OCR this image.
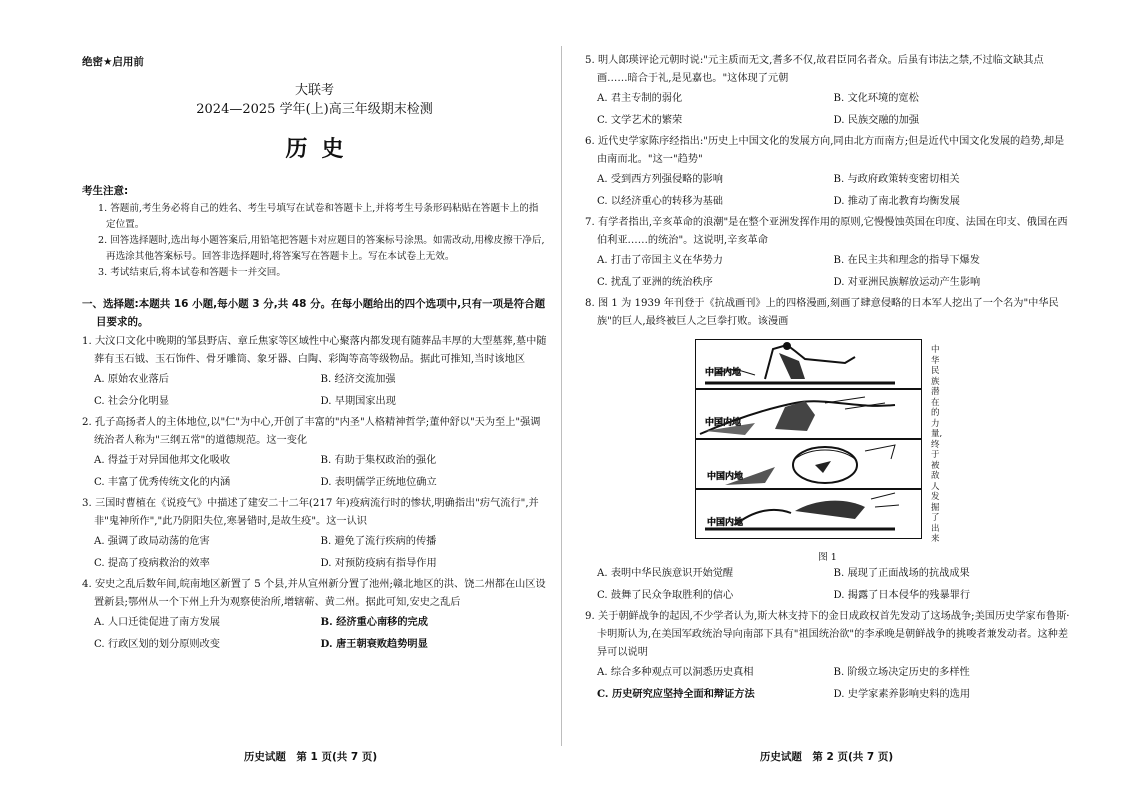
绝密★启用前
大联考
2024—2025 学年(上)高三年级期末检测
历史
考生注意:
1. 答题前,考生务必将自己的姓名、考生号填写在试卷和答题卡上,并将考生号条形码粘贴在答题卡上的指定位置。
2. 回答选择题时,选出每小题答案后,用铅笔把答题卡对应题目的答案标号涂黑。如需改动,用橡皮擦干净后,再选涂其他答案标号。回答非选择题时,将答案写在答题卡上。写在本试卷上无效。
3. 考试结束后,将本试卷和答题卡一并交回。
一、选择题:本题共 16 小题,每小题 3 分,共 48 分。在每小题给出的四个选项中,只有一项是符合题目要求的。
1. 大汶口文化中晚期的邹县野店、章丘焦家等区域性中心聚落内都发现有随葬品丰厚的大型墓葬,墓中随葬有玉石钺、玉石饰件、骨牙雕筒、象牙器、白陶、彩陶等高等级物品。据此可推知,当时该地区
A. 原始农业落后	B. 经济交流加强
C. 社会分化明显	D. 早期国家出现
2. 孔子高扬者人的主体地位,以"仁"为中心,开创了丰富的"内圣"人格精神哲学;董仲舒以"天为至上"强调统治者人称为"三纲五常"的道德规范。这一变化
A. 得益于对异国他邦文化吸收	B. 有助于集权政治的强化
C. 丰富了优秀传统文化的内涵	D. 表明儒学正统地位确立
3. 三国时曹植在《说疫气》中描述了建安二十二年(217 年)疫病流行时的惨状,明确指出"疠气流行",并非"鬼神所作","此乃阴阳失位,寒暑错时,是故生疫"。这一认识
A. 强调了政局动荡的危害	B. 避免了流行疾病的传播
C. 提高了疫病救治的效率	D. 对预防疫病有指导作用
4. 安史之乱后数年间,皖南地区新置了 5 个县,并从宣州新分置了池州;赣北地区的洪、饶二州都在山区设置新县;鄂州从一个下州上升为观察使治所,增辖蕲、黄二州。据此可知,安史之乱后
A. 人口迁徙促进了南方发展	B. 经济重心南移的完成
C. 行政区划的划分原则改变	D. 唐王朝衰败趋势明显
历史试题　第 1 页(共 7 页)
5. 明人郎瑛评论元朝时说:"元主质而无文,耆多不仅,故君臣同名者众。后虽有讳法之禁,不过临文缺其点画……暗合于礼,是见嘉也。"这体现了元朝
A. 君主专制的弱化	B. 文化环境的宽松
C. 文学艺术的繁荣	D. 民族交融的加强
6. 近代史学家陈序经指出:"历史上中国文化的发展方向,同由北方而南方;但是近代中国文化发展的趋势,却是由南而北。"这一"趋势"
A. 受到西方列强侵略的影响	B. 与政府政策转变密切相关
C. 以经济重心的转移为基础	D. 推动了南北教育均衡发展
7. 有学者指出,辛亥革命的浪潮"是在整个亚洲发挥作用的原则,它慢慢蚀英国在印度、法国在印支、俄国在西伯利亚……的统治"。这说明,辛亥革命
A. 打击了帝国主义在华势力	B. 在民主共和理念的指导下爆发
C. 扰乱了亚洲的统治秩序	D. 对亚洲民族解放运动产生影响
8. 图 1 为 1939 年刊登于《抗战画刊》上的四格漫画,刻画了肆意侵略的日本军人挖出了一个名为"中华民族"的巨人,最终被巨人之巨拳打败。该漫画
中国内地
中国内地
中国内地
中国内地
中华民族潜在的力量,终于被敌人发掘了出来
图 1
A. 表明中华民族意识开始觉醒	B. 展现了正面战场的抗战成果
C. 鼓舞了民众争取胜利的信心	D. 揭露了日本侵华的残暴罪行
9. 关于朝鲜战争的起因,不少学者认为,斯大林支持下的金日成政权首先发动了这场战争;美国历史学家布鲁斯·卡明斯认为,在美国军政统治导向南部下具有"祖国统治欲"的李承晚是朝鲜战争的挑唆者兼发动者。这种差异可以说明
A. 综合多种观点可以洞悉历史真相	B. 阶级立场决定历史的多样性
C. 历史研究应坚持全面和辩证方法	D. 史学家素养影响史料的选用
历史试题　第 2 页(共 7 页)
